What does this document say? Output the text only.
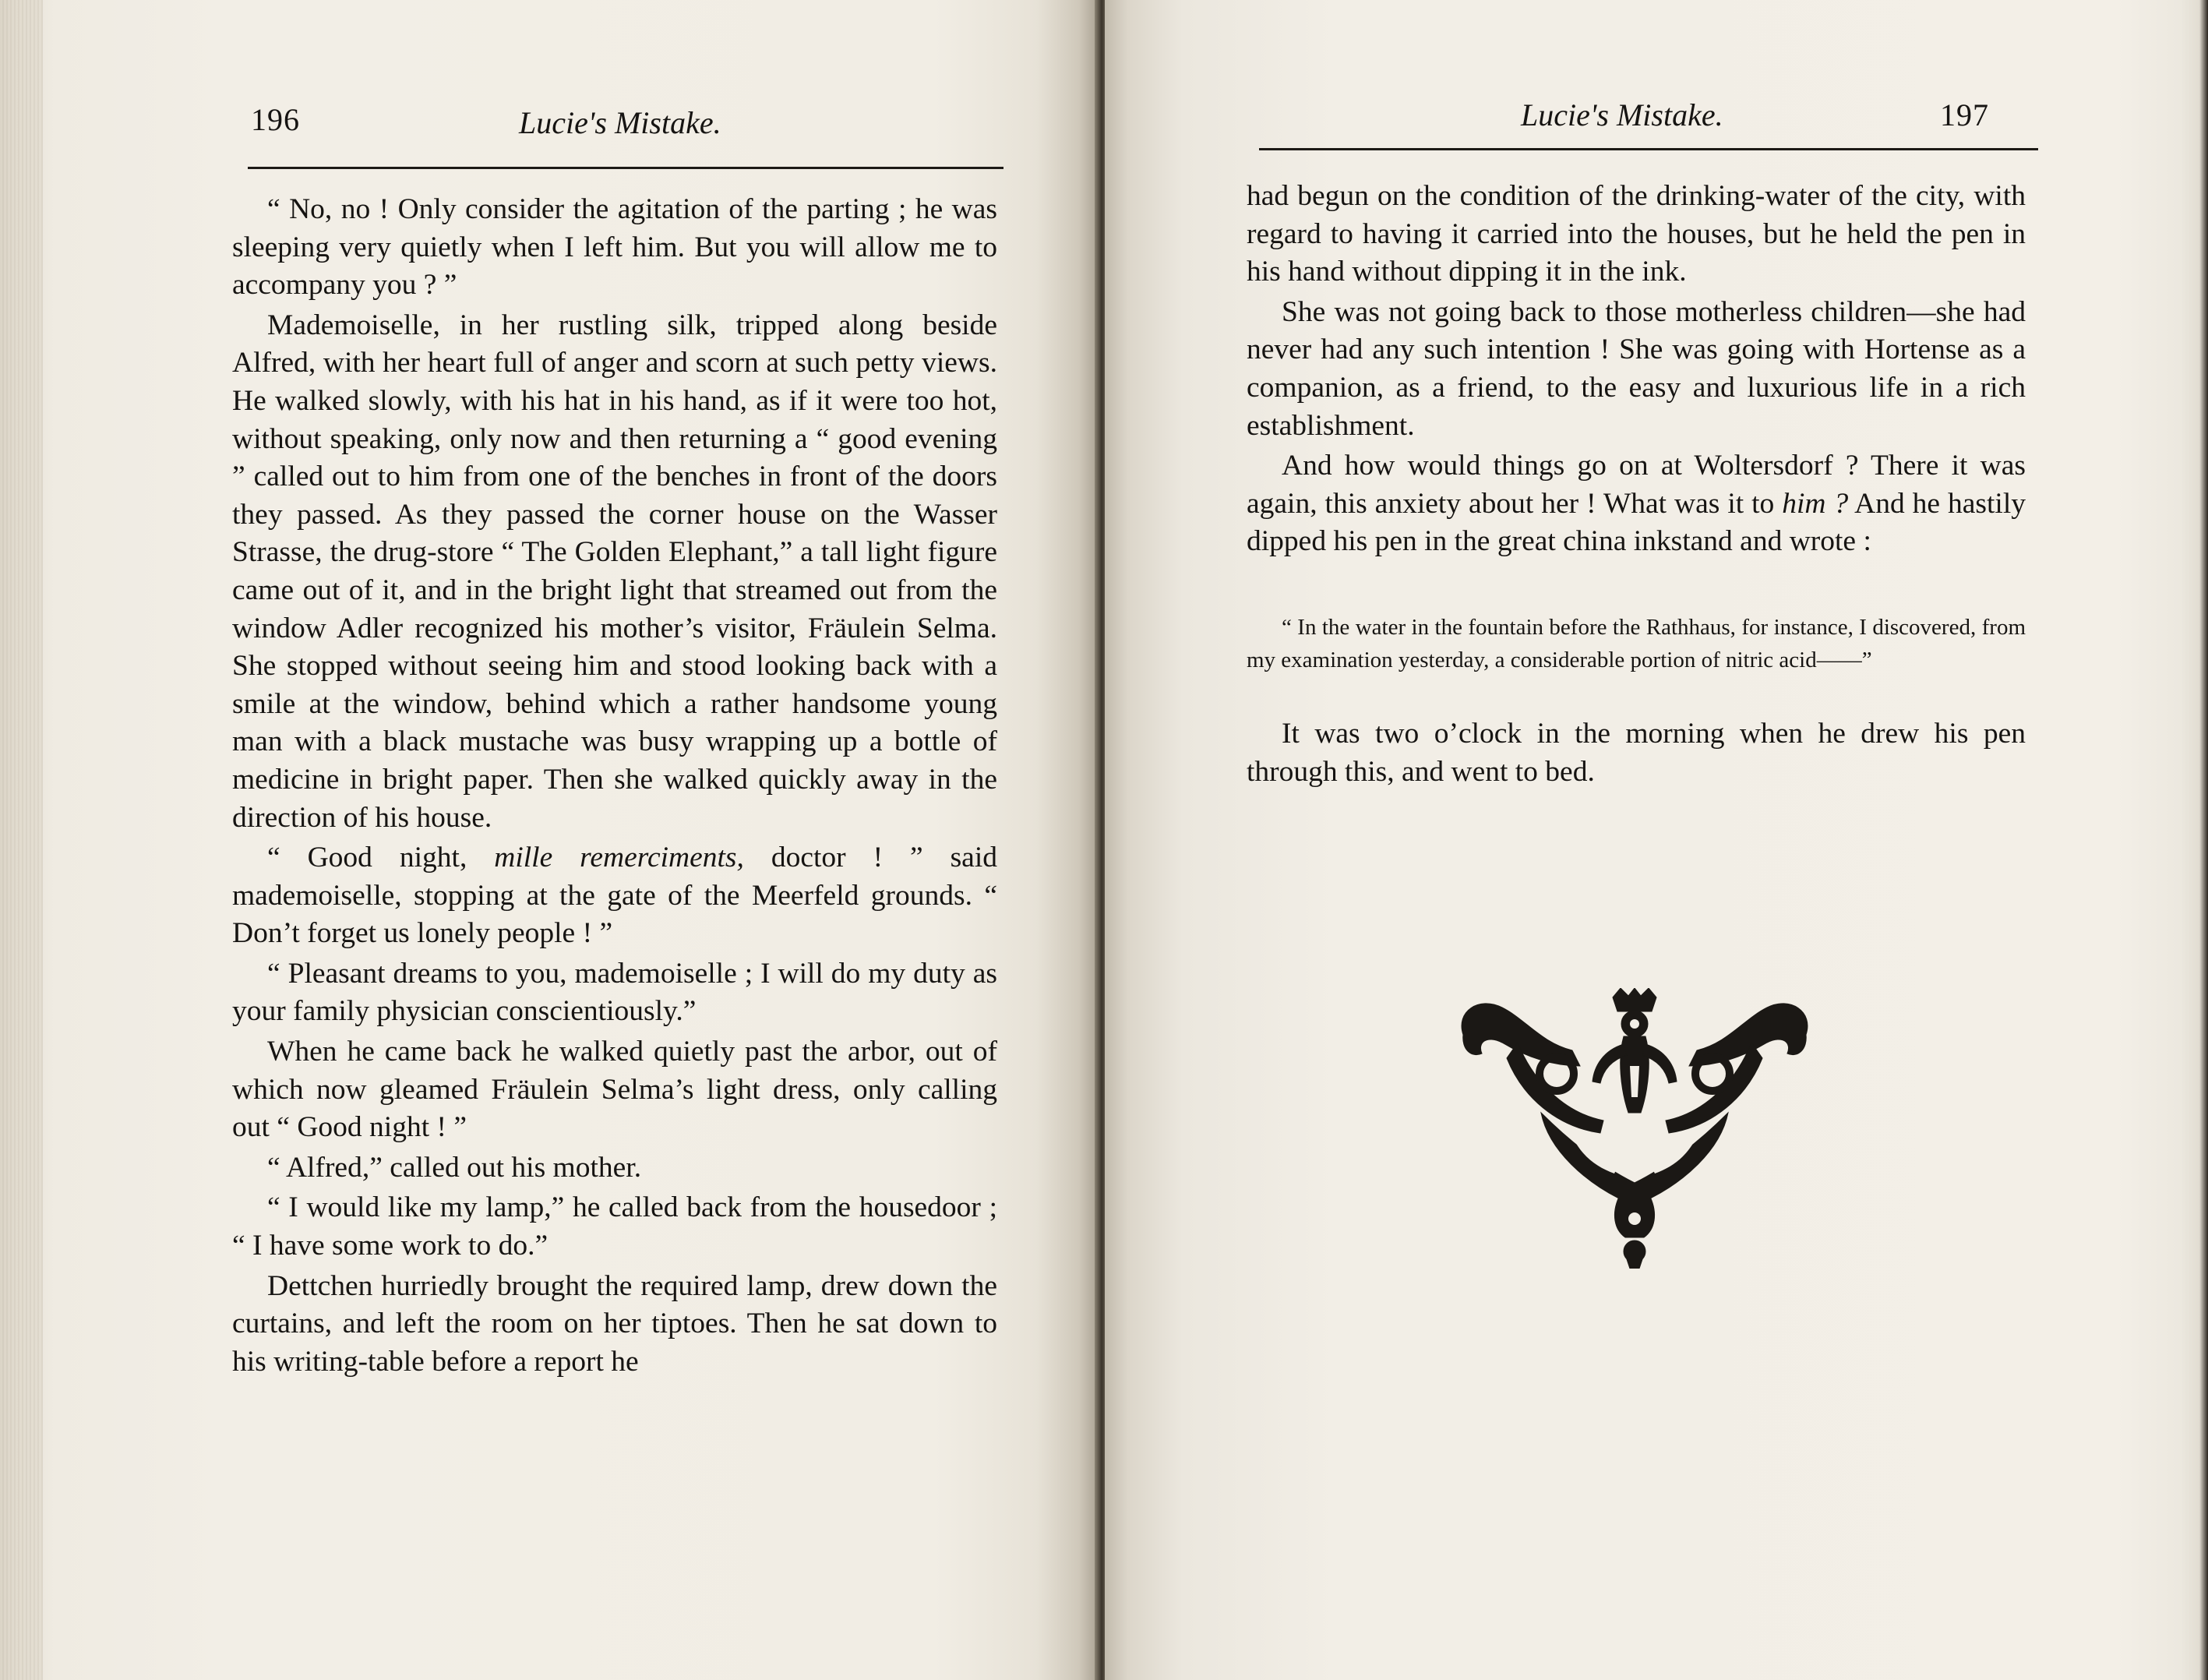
196	Lucie's Mistake.

“ No, no ! Only consider the agitation of the parting ; he was sleeping very quietly when I left him. But you will allow me to accompany you ? ”

Mademoiselle, in her rustling silk, tripped along beside Alfred, with her heart full of anger and scorn at such petty views. He walked slowly, with his hat in his hand, as if it were too hot, without speaking, only now and then returning a “ good evening ” called out to him from one of the benches in front of the doors they passed. As they passed the corner house on the Wasser Strasse, the drug-store “ The Golden Elephant,” a tall light figure came out of it, and in the bright light that streamed out from the window Adler recognized his mother’s visitor, Fräulein Selma. She stopped without seeing him and stood looking back with a smile at the window, behind which a rather handsome young man with a black mustache was busy wrapping up a bottle of medicine in bright paper. Then she walked quickly away in the direction of his house.

“ Good night, mille remerciments, doctor ! ” said mademoiselle, stopping at the gate of the Meerfeld grounds. “ Don’t forget us lonely people ! ”

“ Pleasant dreams to you, mademoiselle ; I will do my duty as your family physician conscientiously.”

When he came back he walked quietly past the arbor, out of which now gleamed Fräulein Selma’s light dress, only calling out “ Good night ! ”

“ Alfred,” called out his mother.

“ I would like my lamp,” he called back from the housedoor ; “ I have some work to do.”

Dettchen hurriedly brought the required lamp, drew down the curtains, and left the room on her tiptoes. Then he sat down to his writing-table before a report he

Lucie's Mistake.	197

had begun on the condition of the drinking-water of the city, with regard to having it carried into the houses, but he held the pen in his hand without dipping it in the ink.

She was not going back to those motherless children—she had never had any such intention ! She was going with Hortense as a companion, as a friend, to the easy and luxurious life in a rich establishment.

And how would things go on at Woltersdorf ? There it was again, this anxiety about her ! What was it to him ? And he hastily dipped his pen in the great china inkstand and wrote :

“ In the water in the fountain before the Rathhaus, for instance, I discovered, from my examination yesterday, a considerable portion of nitric acid——”

It was two o’clock in the morning when he drew his pen through this, and went to bed.
